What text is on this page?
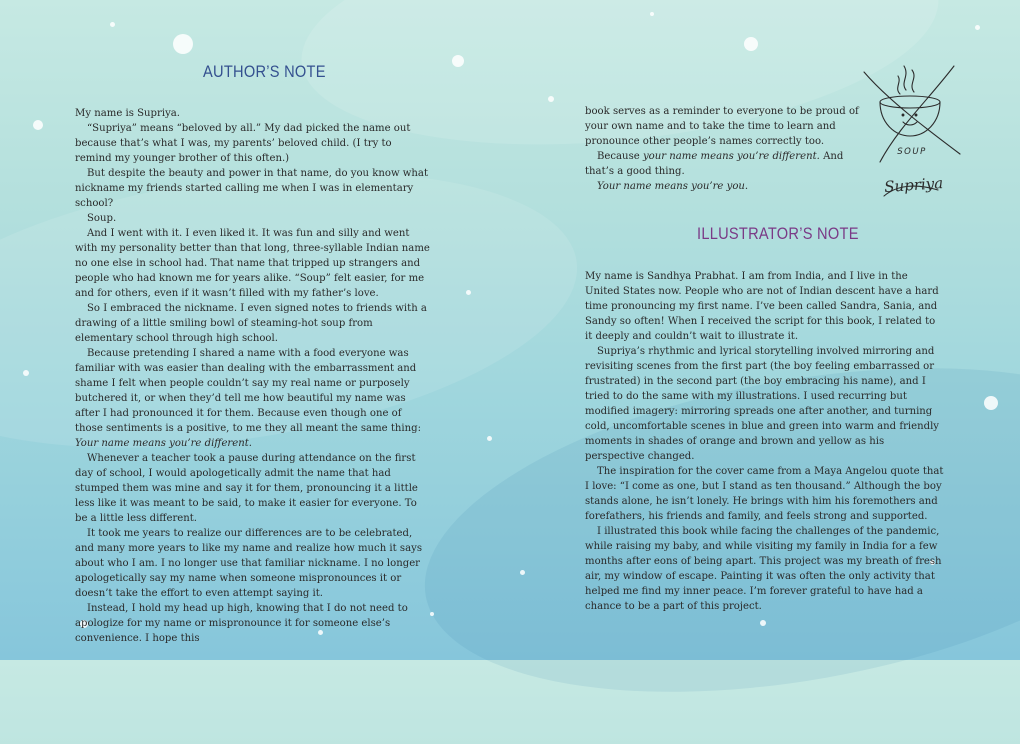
AUTHOR’S NOTE

My name is Supriya.

“Supriya” means “beloved by all.” My dad picked the name out because that’s what I was, my parents’ beloved child. (I try to remind my younger brother of this often.)

But despite the beauty and power in that name, do you know what nickname my friends started calling me when I was in elementary school?

Soup.

And I went with it. I even liked it. It was fun and silly and went with my personality better than that long, three-syllable Indian name no one else in school had. That name that tripped up strangers and people who had known me for years alike. “Soup” felt easier, for me and for others, even if it wasn’t filled with my father’s love.

So I embraced the nickname. I even signed notes to friends with a drawing of a little smiling bowl of steaming-hot soup from elementary school through high school.

Because pretending I shared a name with a food everyone was familiar with was easier than dealing with the embarrassment and shame I felt when people couldn’t say my real name or purposely butchered it, or when they’d tell me how beautiful my name was after I had pronounced it for them. Because even though one of those sentiments is a positive, to me they all meant the same thing: Your name means you’re different.

Whenever a teacher took a pause during attendance on the first day of school, I would apologetically admit the name that had stumped them was mine and say it for them, pronouncing it a little less like it was meant to be said, to make it easier for everyone. To be a little less different.

It took me years to realize our differences are to be celebrated, and many more years to like my name and realize how much it says about who I am. I no longer use that familiar nickname. I no longer apologetically say my name when someone mispronounces it or doesn’t take the effort to even attempt saying it.

Instead, I hold my head up high, knowing that I do not need to apologize for my name or mispronounce it for someone else’s convenience. I hope this

book serves as a reminder to everyone to be proud of your own name and to take the time to learn and pronounce other people’s names correctly too.

Because your name means you’re different. And that’s a good thing.

Your name means you’re you.

SOUP
Supriya
ILLUSTRATOR’S NOTE

My name is Sandhya Prabhat. I am from India, and I live in the United States now. People who are not of Indian descent have a hard time pronouncing my first name. I’ve been called Sandra, Sania, and Sandy so often! When I received the script for this book, I related to it deeply and couldn’t wait to illustrate it.

Supriya’s rhythmic and lyrical storytelling involved mirroring and revisiting scenes from the first part (the boy feeling embarrassed or frustrated) in the second part (the boy embracing his name), and I tried to do the same with my illustrations. I used recurring but modified imagery: mirroring spreads one after another, and turning cold, uncomfortable scenes in blue and green into warm and friendly moments in shades of orange and brown and yellow as his perspective changed.

The inspiration for the cover came from a Maya Angelou quote that I love: “I come as one, but I stand as ten thousand.” Although the boy stands alone, he isn’t lonely. He brings with him his foremothers and forefathers, his friends and family, and feels strong and supported.

I illustrated this book while facing the challenges of the pandemic, while raising my baby, and while visiting my family in India for a few months after eons of being apart. This project was my breath of fresh air, my window of escape. Painting it was often the only activity that helped me find my inner peace. I’m forever grateful to have had a chance to be a part of this project.
